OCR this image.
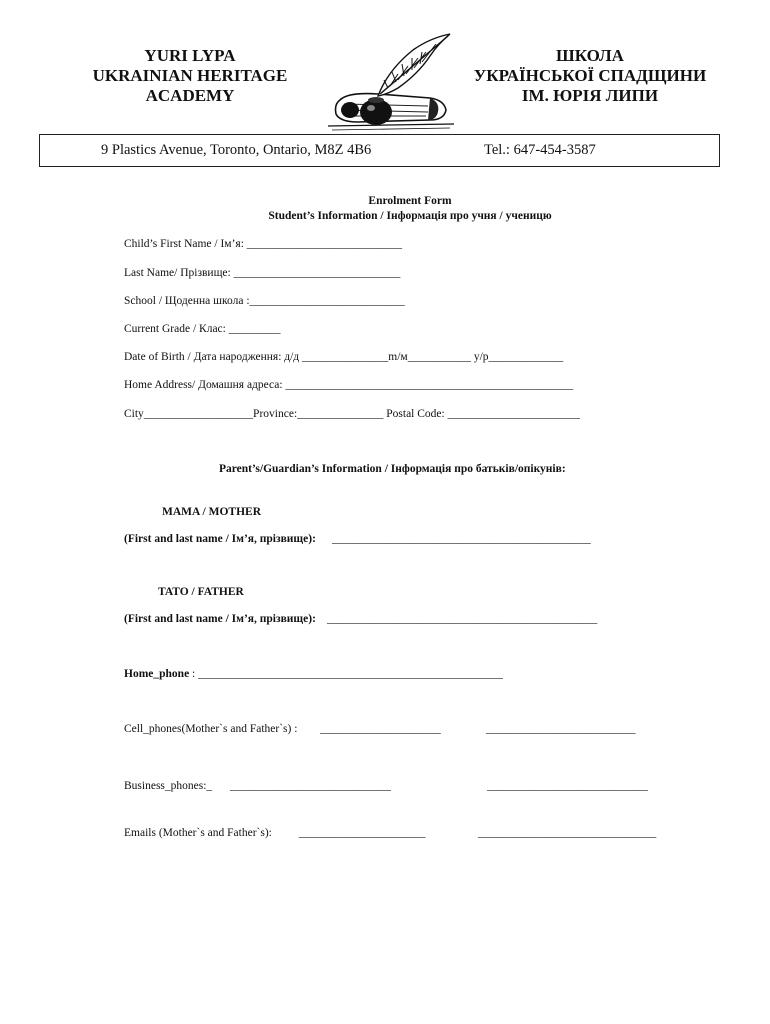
YURI LYPA
UKRAINIAN HERITAGE
ACADEMY
ШКОЛА
УКРАЇНСЬКОЇ СПАДЩИНИ
ІМ. ЮРІЯ ЛИПИ
9 Plastics Avenue, Toronto, Ontario, M8Z 4B6	Tel.: 647-454-3587
Enrolment Form
Student’s Information / Інформація про учня / ученицю
Child’s First Name / Ім’я: ___________________________
Last Name/ Прізвище: _____________________________
School / Щоденна школа :___________________________
Current Grade / Клас: _________
Date of Birth / Дата народження: д/д _______________m/м___________ y/р_____________
Home Address/ Домашня адреса: __________________________________________________
City___________________Province:_______________ Postal Code: _______________________
Parent’s/Guardian’s Information / Інформація про батьків/опікунів:
MAMA / MOTHER
(First and last name / Ім’я, прізвище): _____________________________________________
TATO / FATHER
(First and last name / Ім’я, прізвище): _______________________________________________
Home_phone : _____________________________________________________
Cell_phones(Mother`s and Father`s) : _____________________	__________________________
Business_phones:_ ____________________________	____________________________
Emails (Mother`s and Father`s): ______________________	_______________________________
